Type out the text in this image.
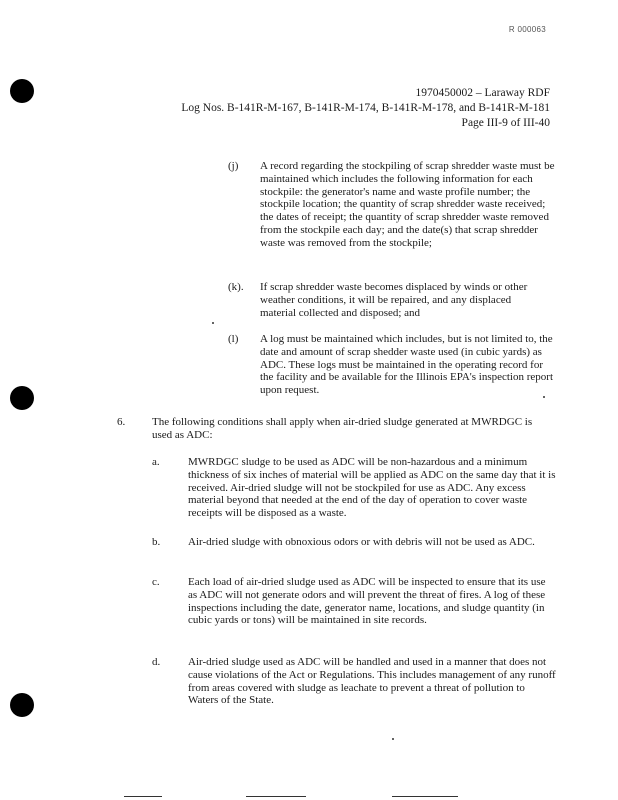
R 000063
1970450002 – Laraway RDF
Log Nos. B-141R-M-167, B-141R-M-174, B-141R-M-178, and B-141R-M-181
Page III-9 of III-40
(j) A record regarding the stockpiling of scrap shredder waste must be maintained which includes the following information for each stockpile: the generator's name and waste profile number; the stockpile location; the quantity of scrap shredder waste received; the dates of receipt; the quantity of scrap shredder waste removed from the stockpile each day; and the date(s) that scrap shredder waste was removed from the stockpile;

(k). If scrap shredder waste becomes displaced by winds or other weather conditions, it will be repaired, and any displaced material collected and disposed; and

(l) A log must be maintained which includes, but is not limited to, the date and amount of scrap shedder waste used (in cubic yards) as ADC. These logs must be maintained in the operating record for the facility and be available for the Illinois EPA's inspection report upon request.

6. The following conditions shall apply when air-dried sludge generated at MWRDGC is used as ADC:

a.	MWRDGC sludge to be used as ADC will be non-hazardous and a minimum thickness of six inches of material will be applied as ADC on the same day that it is received. Air-dried sludge will not be stockpiled for use as ADC. Any excess material beyond that needed at the end of the day of operation to cover waste receipts will be disposed as a waste.

b.	Air-dried sludge with obnoxious odors or with debris will not be used as ADC.

c.	Each load of air-dried sludge used as ADC will be inspected to ensure that its use as ADC will not generate odors and will prevent the threat of fires. A log of these inspections including the date, generator name, locations, and sludge quantity (in cubic yards or tons) will be maintained in site records.

d.	Air-dried sludge used as ADC will be handled and used in a manner that does not cause violations of the Act or Regulations. This includes management of any runoff from areas covered with sludge as leachate to prevent a threat of pollution to Waters of the State.
